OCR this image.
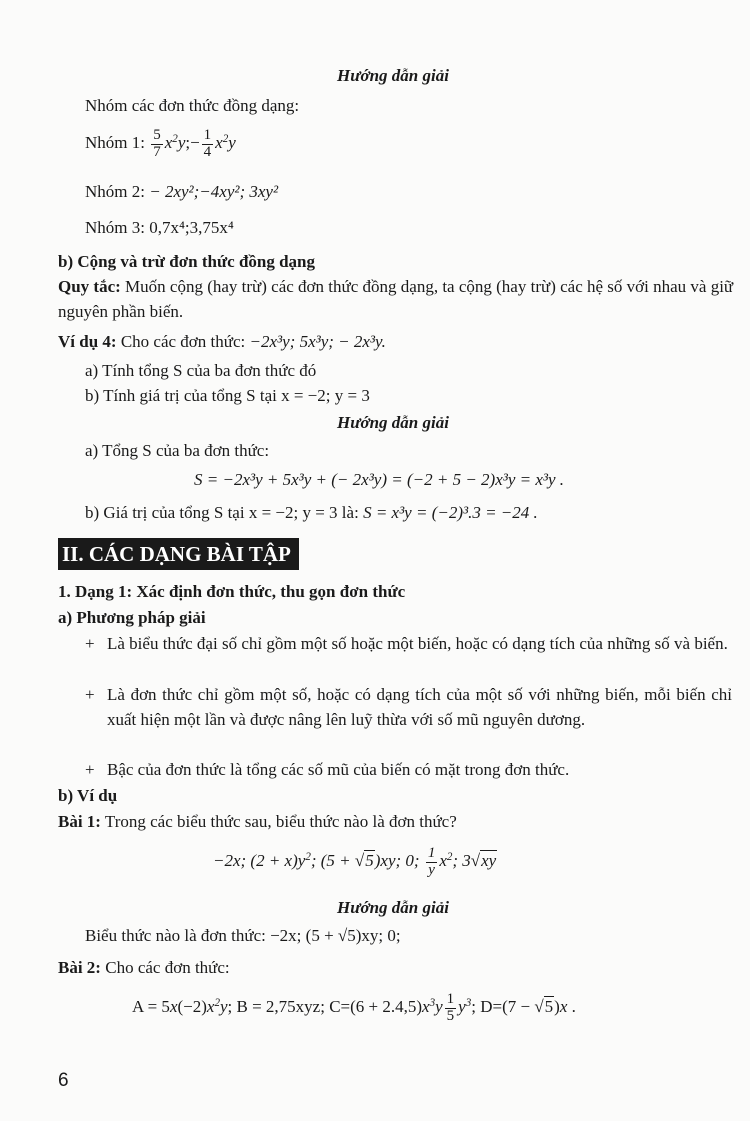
Hướng dẫn giải
Nhóm các đơn thức đồng dạng:
Nhóm 1: $\frac{5}{7}$ $x^2y;- \frac{1}{4} x^2y$
Nhóm 2: − 2xy²;−4xy²; 3xy²
Nhóm 3: 0,7x⁴;3,75x⁴
b) Cộng và trừ đơn thức đồng dạng
Quy tắc: Muốn cộng (hay trừ) các đơn thức đồng dạng, ta cộng (hay trừ) các hệ số với nhau và giữ nguyên phần biến.
Ví dụ 4: Cho các đơn thức: −2x³y; 5x³y; − 2x³y.
a) Tính tổng S của ba đơn thức đó
b) Tính giá trị của tổng S tại x = −2; y = 3
Hướng dẫn giải
a) Tổng S của ba đơn thức:
S = −2x³y + 5x³y + (− 2x³y) = (−2 + 5 − 2)x³y = x³y .
b) Giá trị của tổng S tại x = −2; y = 3 là: S = x³y = (−2)³.3 = −24 .
II. CÁC DẠNG BÀI TẬP
1. Dạng 1: Xác định đơn thức, thu gọn đơn thức
a) Phương pháp giải
+ Là biểu thức đại số chỉ gồm một số hoặc một biến, hoặc có dạng tích của những số và biến.
+ Là đơn thức chỉ gồm một số, hoặc có dạng tích của một số với những biến, mỗi biến chỉ xuất hiện một lần và được nâng lên luỹ thừa với số mũ nguyên dương.
+ Bậc của đơn thức là tổng các số mũ của biến có mặt trong đơn thức.
b) Ví dụ
Bài 1: Trong các biểu thức sau, biểu thức nào là đơn thức?
−2x; $(2 + x)y^2$; (5 + √5)xy; 0; $\frac{1}{y} x^2$; 3√xy
Hướng dẫn giải
Biểu thức nào là đơn thức: −2x; (5 + √5)xy; 0;
Bài 2: Cho các đơn thức:
$A = 5x(-2)x^2y$; B = 2,75xyz; $C=(6 + 2.4,5)x^3y \frac{1}{5} y^3$; D=(7 − √5)x .
6
